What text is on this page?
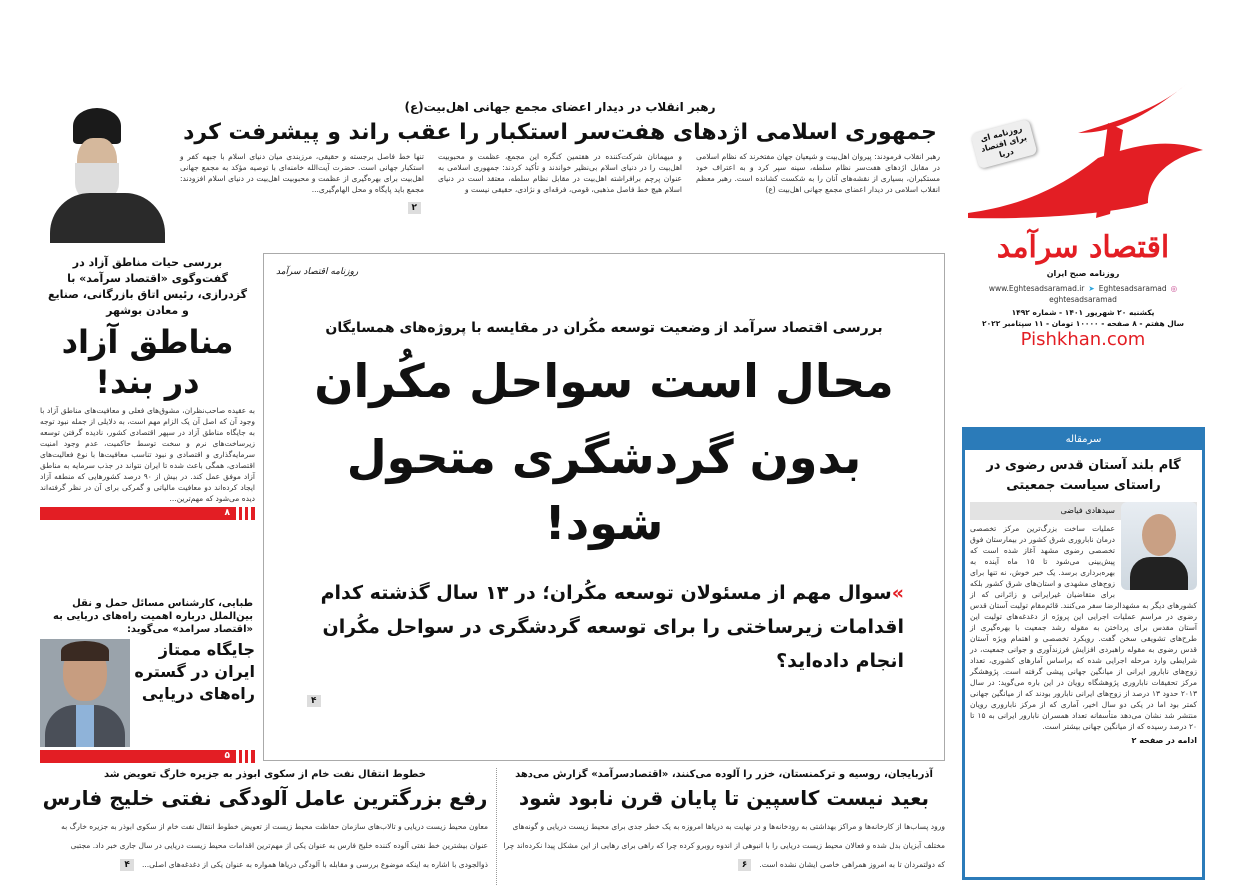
روزنامه ای برای اقتصاد دریا
اقتصاد سرآمد
روزنامه صبح ایران
www.Eghtesadsaramad.ir ➤ Eghtesadsaramad ◎
eghtesadsaramad
یکشنبه ۲۰ شهریور ۱۴۰۱ - شماره ۱۴۹۲
سال هفتم - ۸ صفحه - ۱۰۰۰۰ تومان - ۱۱ سپتامبر ۲۰۲۲
Pishkhan.com
سرمقاله
گام بلند آستان قدس رضوی در راستای سیاست جمعیتی
سیدهادی فیاضی
عملیات ساخت بزرگ‌ترین مرکز تخصصی درمان ناباروری شرق کشور در بیمارستان فوق تخصصی رضوی مشهد آغاز شده است که پیش‌بینی می‌شود تا ۱۵ ماه آینده به بهره‌برداری برسد. یک خبر خوش، نه تنها برای زوج‌های مشهدی و استان‌های شرق کشور بلکه برای متقاضیان غیرایرانی و زائرانی که از کشورهای دیگر به مشهدالرضا سفر می‌کنند. قائم‌مقام تولیت آستان قدس رضوی در مراسم عملیات اجرایی این پروژه از دغدغه‌های تولیت این آستان مقدس برای پرداختن به مقوله رشد جمعیت با بهره‌گیری از طرح‌های تشویقی سخن گفت. رویکرد تخصصی و اهتمام ویژه آستان قدس رضوی به مقوله راهبردی افزایش فرزندآوری و جوانی جمعیت، در شرایطی وارد مرحله اجرایی شده که براساس آمارهای کشوری، تعداد زوج‌های نابارور ایرانی از میانگین جهانی پیشی گرفته است. پژوهشگر مرکز تحقیقات ناباروری پژوهشگاه رویان در این باره می‌گوید: در سال ۲۰۱۳ حدود ۱۳ درصد از زوج‌های ایرانی نابارور بودند که از میانگین جهانی کمتر بود اما در یکی دو سال اخیر، آماری که از مرکز ناباروری رویان منتشر شد نشان می‌دهد متأسفانه تعداد همسران نابارور ایرانی به ۱۵ تا ۲۰ درصد رسیده که از میانگین جهانی بیشتر است.
ادامه در صفحه ۲
رهبر انقلاب در دیدار اعضای مجمع جهانی اهل‌بیت(ع)
جمهوری اسلامی اژدهای هفت‌سر استکبار را عقب راند و پیشرفت کرد
رهبر انقلاب فرمودند: پیروان اهل‌بیت و شیعیان جهان مفتخرند که نظام اسلامی در مقابل اژدهای هفت‌سر نظام سلطه، سینه سپر کرد و به اعتراف خود مستکبران، بسیاری از نقشه‌های آنان را به شکست کشانده است. رهبر معظم انقلاب اسلامی در دیدار اعضای مجمع جهانی اهل‌بیت (ع)
و میهمانان شرکت‌کننده در هفتمین کنگره این مجمع، عظمت و محبوبیت اهل‌بیت را در دنیای اسلام بی‌نظیر خواندند و تأکید کردند: جمهوری اسلامی به عنوان پرچم برافراشته اهل‌بیت در مقابل نظام سلطه، معتقد است در دنیای اسلام هیچ خط فاصل مذهبی، قومی، فرقه‌ای و نژادی، حقیقی نیست و
تنها خط فاصل برجسته و حقیقی، مرزبندی میان دنیای اسلام با جبهه کفر و استکبار جهانی است. حضرت آیت‌الله خامنه‌ای با توصیه مؤکد به مجمع جهانی اهل‌بیت برای بهره‌گیری از عظمت و محبوبیت اهل‌بیت در دنیای اسلام افزودند: مجمع باید پایگاه و محل الهام‌گیری...
۲
بررسی حیات مناطق آزاد در گفت‌وگوی «اقتصاد سرآمد» با گزدرازی، رئیس اتاق بازرگانی، صنایع و معادن بوشهر
مناطق آزاد در بند!
به عقیده صاحب‌نظران، مشوق‌های فعلی و معافیت‌های مناطق آزاد با وجود آن که اصل آن یک الزام مهم است، به دلایلی از جمله نبود توجه به جایگاه مناطق آزاد در سپهر اقتصادی کشور، نادیده گرفتن توسعه زیرساخت‌های نرم و سخت توسط حاکمیت، عدم وجود امنیت سرمایه‌گذاری و اقتصادی و نبود تناسب معافیت‌ها با نوع فعالیت‌های اقتصادی، همگی باعث شده تا ایران نتواند در جذب سرمایه به مناطق آزاد موفق عمل کند. در بیش از ۹۰ درصد کشورهایی که منطقه آزاد ایجاد کرده‌اند دو معافیت مالیاتی و گمرکی برای آن در نظر گرفته‌اند دیده می‌شود که مهم‌ترین...
۸
طبایی، کارشناس مسائل حمل و نقل بین‌الملل درباره اهمیت راه‌های دریایی به «اقتصاد سرامد» می‌گوید:
جایگاه ممتاز ایران در گستره راه‌های دریایی
۵
روزنامه اقتصاد سرآمد
بررسی اقتصاد سرآمد از وضعیت توسعه مکُران در مقایسه با پروژه‌های همسایگان
محال است سواحل مکُران
بدون گردشگری متحول شود!
»سوال مهم از مسئولان توسعه مکُران؛ در ۱۳ سال گذشته کدام اقدامات زیرساختی را برای توسعه گردشگری در سواحل مکُران انجام داده‌اید؟
۴
آذربایجان، روسیه و ترکمنستان، خزر را آلوده می‌کنند، «اقتصادسرآمد» گزارش می‌دهد
بعید نیست کاسپین تا پایان قرن نابود شود
ورود پساب‌ها از کارخانه‌ها و مراکز بهداشتی به رودخانه‌ها و در نهایت به دریاها امروزه به یک خطر جدی برای محیط زیست دریایی و گونه‌های مختلف آبزیان بدل شده و فعالان محیط زیست دریایی را با انبوهی از اندوه روبرو کرده چرا که راهی برای رهایی از این مشکل پیدا نکرده‌اند چرا که دولتمردان تا به امروز همراهی خاصی ایشان نشده است. ۶
خطوط انتقال نفت خام از سکوی ابوذر به جزیره خارگ تعویض شد
رفع بزرگترین عامل آلودگی نفتی خلیج فارس
معاون محیط زیست دریایی و تالاب‌های سازمان حفاظت محیط زیست از تعویض خطوط انتقال نفت خام از سکوی ابوذر به جزیره خارگ به عنوان بیشترین خط نفتی آلوده کننده خلیج فارس به عنوان یکی از مهم‌ترین اقدامات محیط زیست دریایی در سال جاری خبر داد. مجتبی ذوالجودی با اشاره به اینکه موضوع بررسی و مقابله با آلودگی دریاها همواره به عنوان یکی از دغدغه‌های اصلی... ۴
